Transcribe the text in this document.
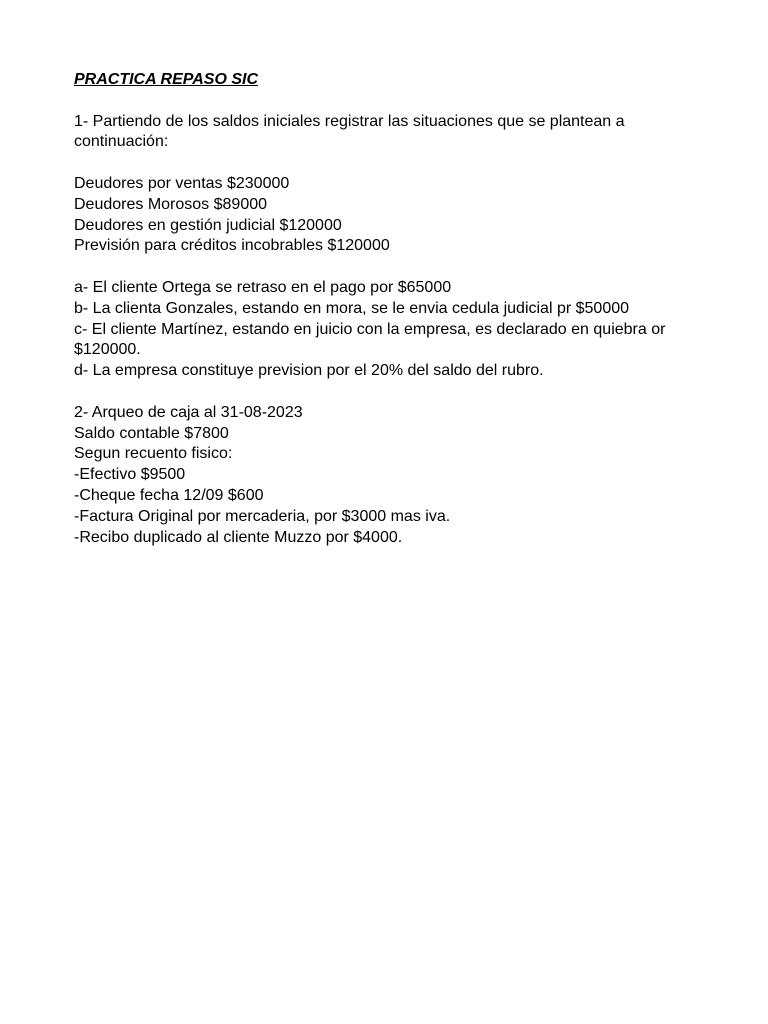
PRACTICA REPASO SIC

1- Partiendo de los saldos iniciales registrar las situaciones que se plantean a continuación:

Deudores por ventas $230000

Deudores Morosos $89000

Deudores en gestión judicial $120000

Previsión para créditos incobrables $120000

a- El cliente Ortega se retraso en el pago por $65000

b- La clienta Gonzales, estando en mora, se le envia cedula judicial pr $50000

c- El cliente Martínez, estando en juicio con la empresa, es declarado en quiebra or $120000.

d- La empresa constituye prevision por el 20% del saldo del rubro.

2- Arqueo de caja al 31-08-2023

Saldo contable $7800

Segun recuento fisico:

-Efectivo $9500

-Cheque fecha 12/09 $600

-Factura Original por mercaderia, por $3000 mas iva.

-Recibo duplicado al cliente Muzzo por $4000.
